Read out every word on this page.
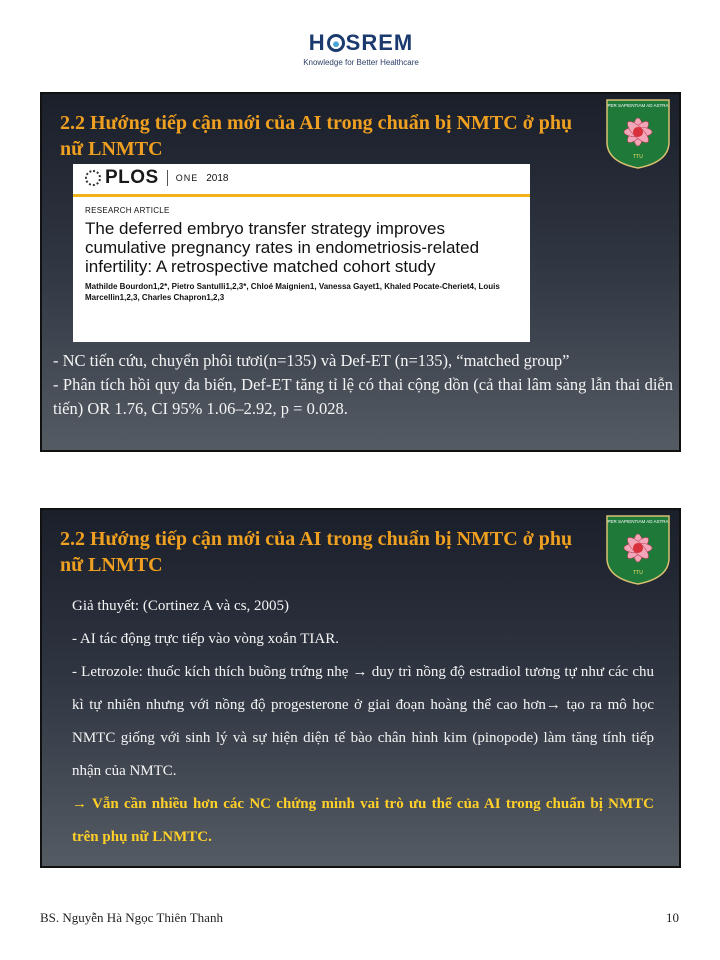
H SREM
Knowledge for Better Healthcare
2.2 Hướng tiếp cận mới của AI trong chuẩn bị NMTC ở phụ nữ LNMTC
PER SAPIENTIAM AD ASTRA
TTU
PLOS ONE 2018
RESEARCH ARTICLE
The deferred embryo transfer strategy improves cumulative pregnancy rates in endometriosis-related infertility: A retrospective matched cohort study
Mathilde Bourdon1,2*, Pietro Santulli1,2,3*, Chloé Maignien1, Vanessa Gayet1, Khaled Pocate-Cheriet4, Louis Marcellin1,2,3, Charles Chapron1,2,3

- NC tiến cứu, chuyển phôi tươi(n=135) và Def-ET (n=135), “matched group”

- Phân tích hồi quy đa biến, Def-ET tăng tỉ lệ có thai cộng dồn (cả thai lâm sàng lẫn thai diễn tiến) OR 1.76, CI 95% 1.06–2.92, p = 0.028.

2.2 Hướng tiếp cận mới của AI trong chuẩn bị NMTC ở phụ nữ LNMTC
PER SAPIENTIAM AD ASTRA
TTU
Giả thuyết: (Cortinez A và cs, 2005)
- AI tác động trực tiếp vào vòng xoắn TIAR.
- Letrozole: thuốc kích thích buồng trứng nhẹ → duy trì nồng độ estradiol tương tự như các chu kì tự nhiên nhưng với nồng độ progesterone ở giai đoạn hoàng thể cao hơn→ tạo ra mô học NMTC giống với sinh lý và sự hiện diện tế bào chân hình kim (pinopode) làm tăng tính tiếp nhận của NMTC.
→ Vẫn cần nhiều hơn các NC chứng minh vai trò ưu thế của AI trong chuẩn bị NMTC trên phụ nữ LNMTC.
BS. Nguyễn Hà Ngọc Thiên Thanh	10
